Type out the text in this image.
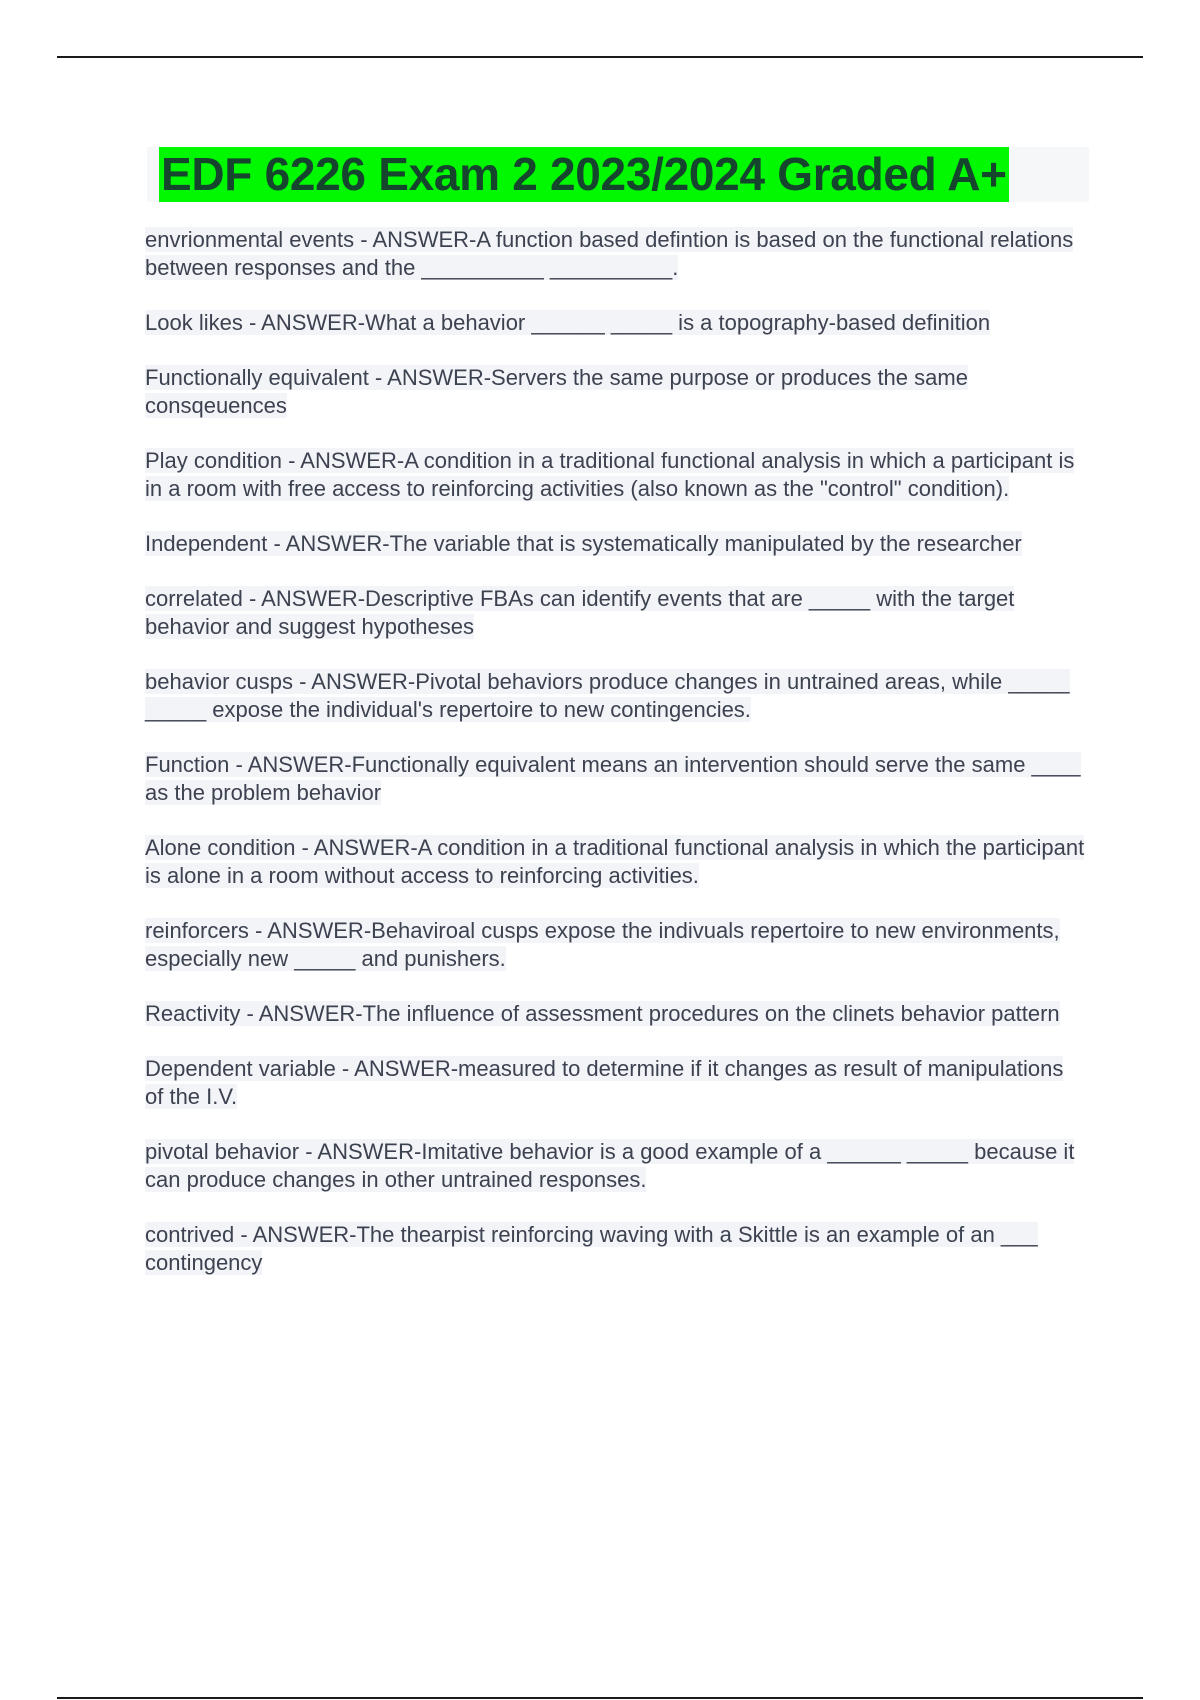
EDF 6226 Exam 2 2023/2024 Graded A+

envrionmental events - ANSWER-A function based defintion is based on the functional relations between responses and the __________ __________.

Look likes - ANSWER-What a behavior ______ _____ is a topography-based definition

Functionally equivalent - ANSWER-Servers the same purpose or produces the same consqeuences

Play condition - ANSWER-A condition in a traditional functional analysis in which a participant is in a room with free access to reinforcing activities (also known as the "control" condition).

Independent - ANSWER-The variable that is systematically manipulated by the researcher

correlated - ANSWER-Descriptive FBAs can identify events that are _____ with the target behavior and suggest hypotheses

behavior cusps - ANSWER-Pivotal behaviors produce changes in untrained areas, while _____ _____ expose the individual's repertoire to new contingencies.

Function - ANSWER-Functionally equivalent means an intervention should serve the same ____ as the problem behavior

Alone condition - ANSWER-A condition in a traditional functional analysis in which the participant is alone in a room without access to reinforcing activities.

reinforcers - ANSWER-Behaviroal cusps expose the indivuals repertoire to new environments, especially new _____ and punishers.

Reactivity - ANSWER-The influence of assessment procedures on the clinets behavior pattern

Dependent variable - ANSWER-measured to determine if it changes as result of manipulations of the I.V.

pivotal behavior - ANSWER-Imitative behavior is a good example of a ______ _____ because it can produce changes in other untrained responses.

contrived - ANSWER-The thearpist reinforcing waving with a Skittle is an example of an ___ contingency
